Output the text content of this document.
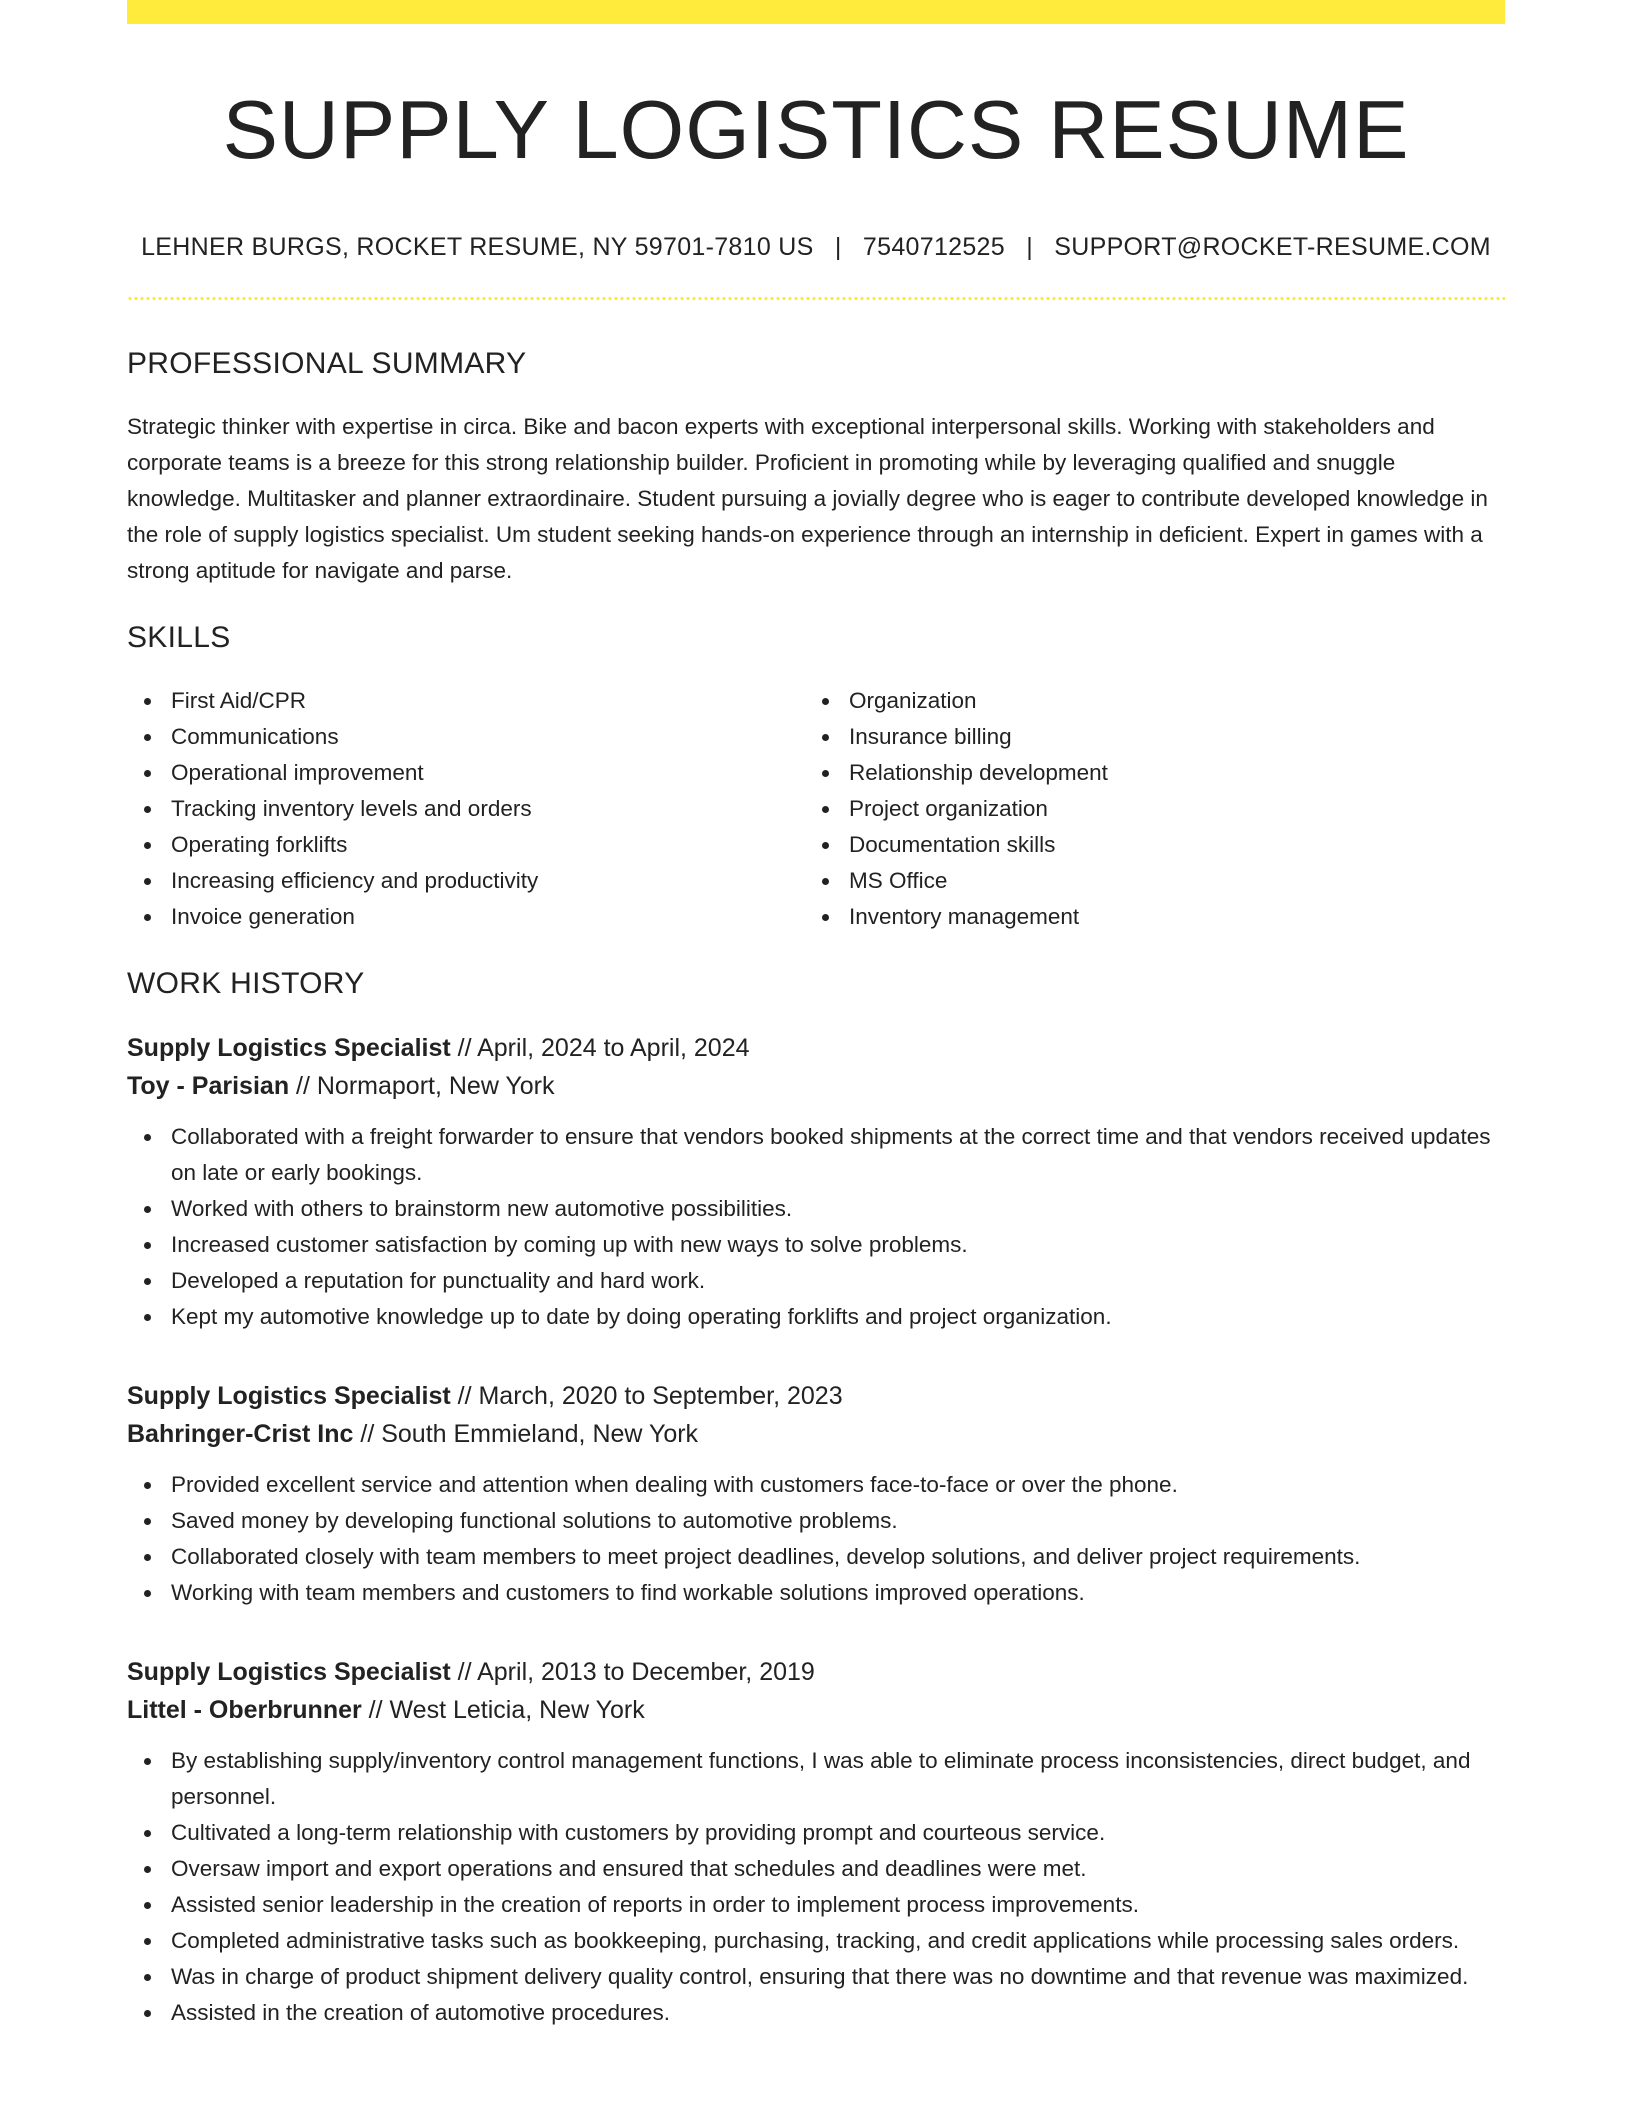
SUPPLY LOGISTICS RESUME
LEHNER BURGS, ROCKET RESUME, NY 59701-7810 US | 7540712525 | SUPPORT@ROCKET-RESUME.COM
PROFESSIONAL SUMMARY

Strategic thinker with expertise in circa. Bike and bacon experts with exceptional interpersonal skills. Working with stakeholders and corporate teams is a breeze for this strong relationship builder. Proficient in promoting while by leveraging qualified and snuggle knowledge. Multitasker and planner extraordinaire. Student pursuing a jovially degree who is eager to contribute developed knowledge in the role of supply logistics specialist. Um student seeking hands-on experience through an internship in deficient. Expert in games with a strong aptitude for navigate and parse.

SKILLS
First Aid/CPR
Communications
Operational improvement
Tracking inventory levels and orders
Operating forklifts
Increasing efficiency and productivity
Invoice generation
Organization
Insurance billing
Relationship development
Project organization
Documentation skills
MS Office
Inventory management
WORK HISTORY
Supply Logistics Specialist // April, 2024 to April, 2024
Toy - Parisian // Normaport, New York
Collaborated with a freight forwarder to ensure that vendors booked shipments at the correct time and that vendors received updates on late or early bookings.
Worked with others to brainstorm new automotive possibilities.
Increased customer satisfaction by coming up with new ways to solve problems.
Developed a reputation for punctuality and hard work.
Kept my automotive knowledge up to date by doing operating forklifts and project organization.
Supply Logistics Specialist // March, 2020 to September, 2023
Bahringer-Crist Inc // South Emmieland, New York
Provided excellent service and attention when dealing with customers face-to-face or over the phone.
Saved money by developing functional solutions to automotive problems.
Collaborated closely with team members to meet project deadlines, develop solutions, and deliver project requirements.
Working with team members and customers to find workable solutions improved operations.
Supply Logistics Specialist // April, 2013 to December, 2019
Littel - Oberbrunner // West Leticia, New York
By establishing supply/inventory control management functions, I was able to eliminate process inconsistencies, direct budget, and personnel.
Cultivated a long-term relationship with customers by providing prompt and courteous service.
Oversaw import and export operations and ensured that schedules and deadlines were met.
Assisted senior leadership in the creation of reports in order to implement process improvements.
Completed administrative tasks such as bookkeeping, purchasing, tracking, and credit applications while processing sales orders.
Was in charge of product shipment delivery quality control, ensuring that there was no downtime and that revenue was maximized.
Assisted in the creation of automotive procedures.
